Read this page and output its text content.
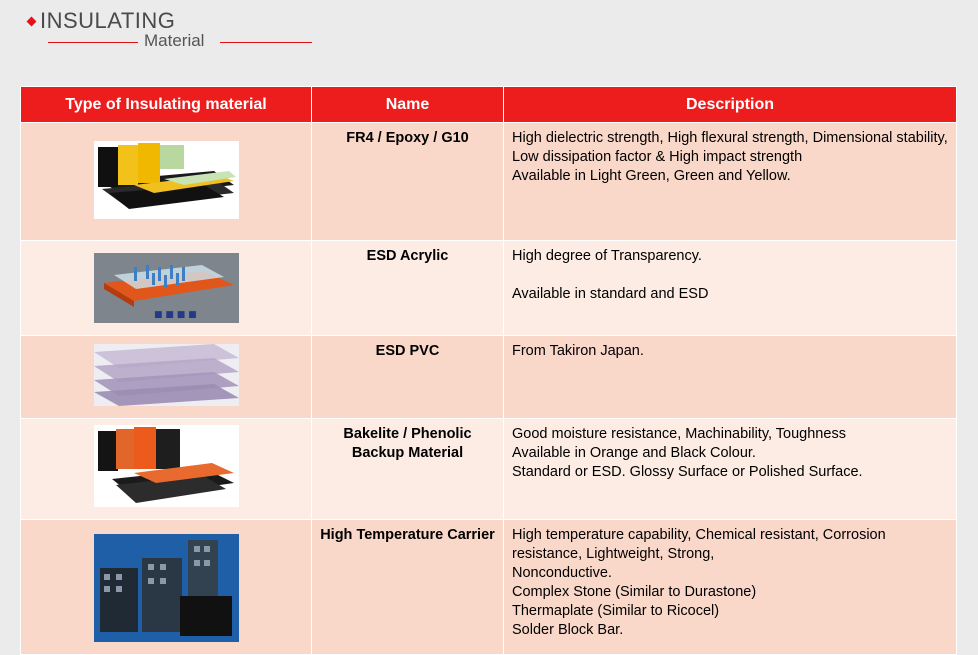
INSULATING
Material
Type of Insulating material	Name	Description
	FR4 / Epoxy / G10	High dielectric strength, High flexural strength, Dimensional stability, Low dissipation factor & High impact strength

Available in Light Green, Green and Yellow.

■ ■ ■ ■	ESD Acrylic	High degree of Transparency.

Available in standard and ESD

	ESD PVC	From Takiron Japan.

	Bakelite / Phenolic Backup Material	Good moisture resistance, Machinability, Toughness

Available in Orange and Black Colour.

Standard or ESD. Glossy Surface or Polished Surface.

	High Temperature Carrier	High temperature capability, Chemical resistant, Corrosion resistance, Lightweight, Strong,

Nonconductive.

Complex Stone (Similar to Durastone)

Thermaplate (Similar to Ricocel)

Solder Block Bar.
